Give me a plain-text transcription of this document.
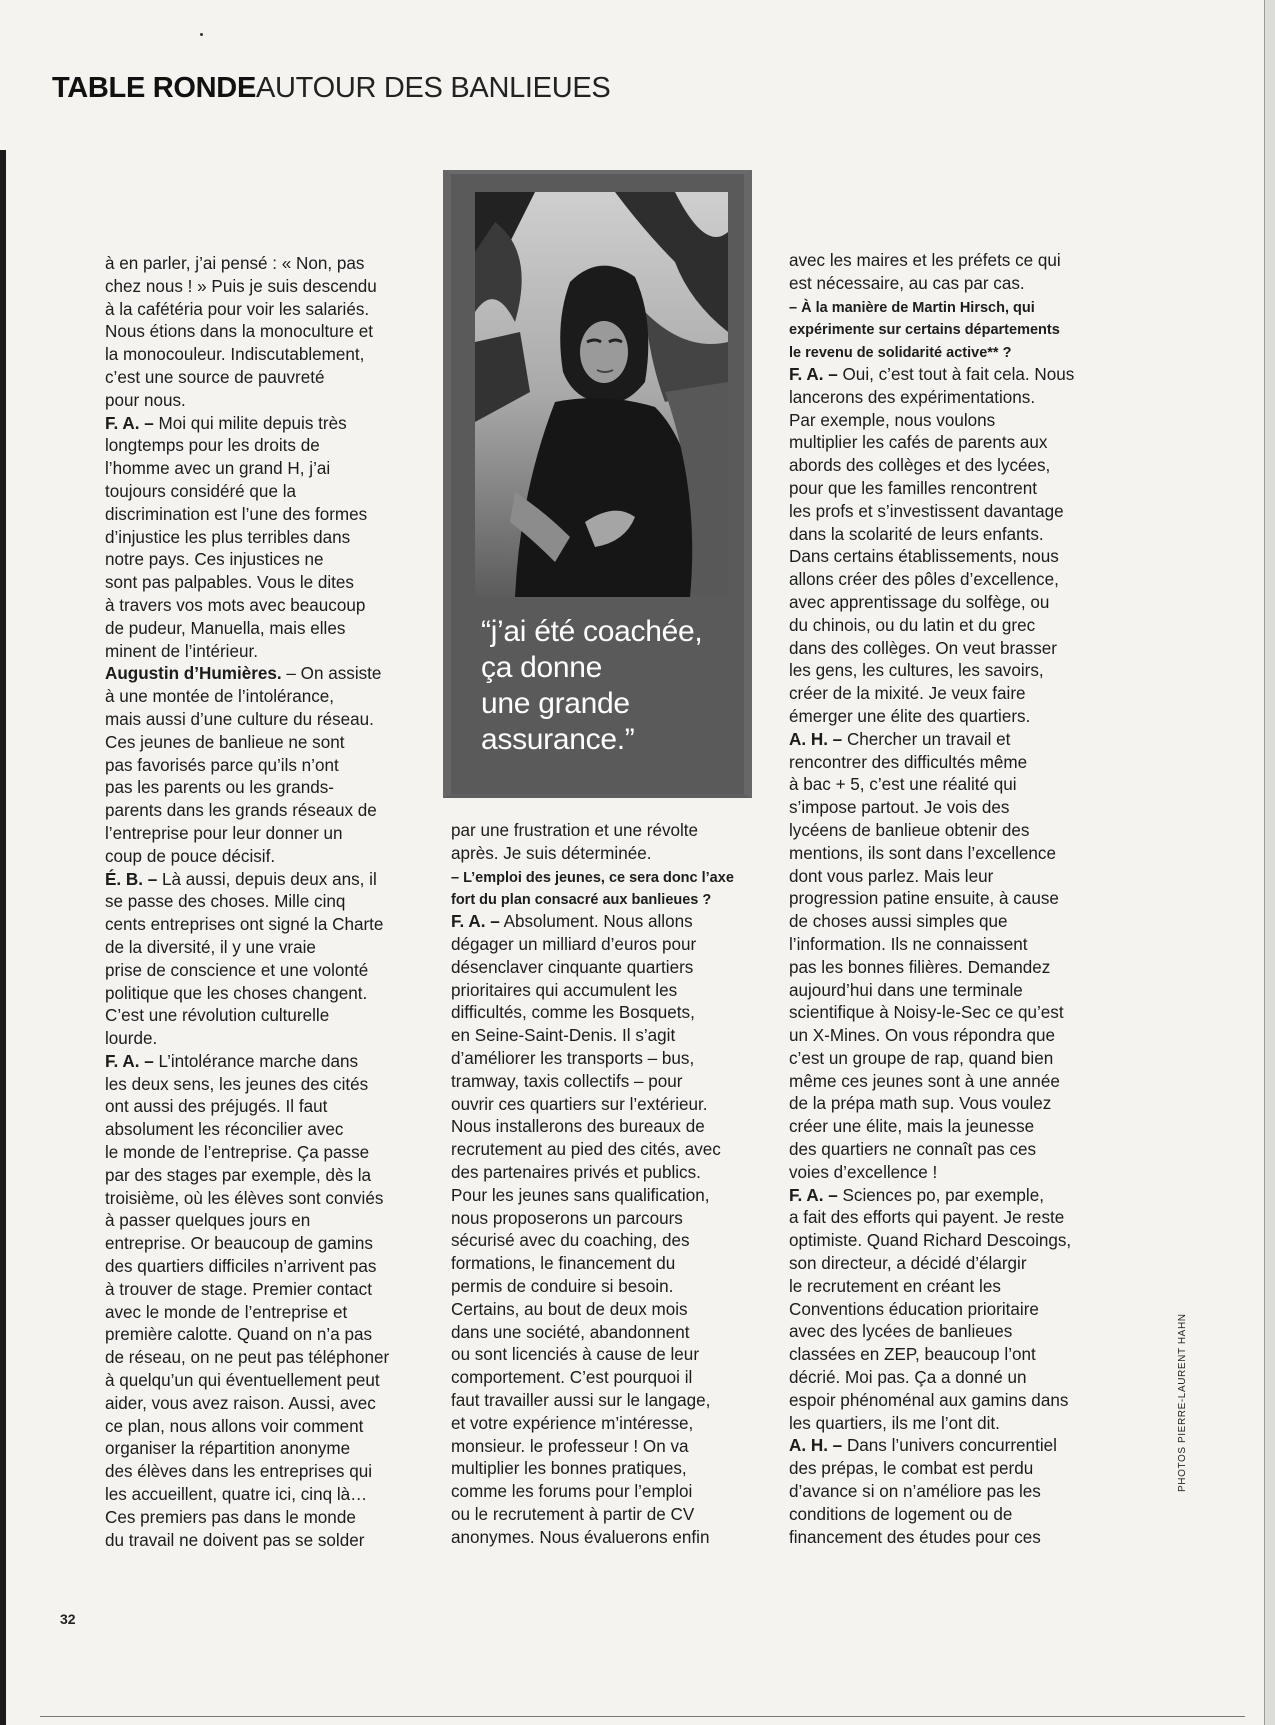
TABLE RONDEAUTOUR DES BANLIEUES
à en parler, j’ai pensé : « Non, pas
chez nous ! » Puis je suis descendu
à la cafétéria pour voir les salariés.
Nous étions dans la monoculture et
la monocouleur. Indiscutablement,
c’est une source de pauvreté
pour nous.
F. A. – Moi qui milite depuis très
longtemps pour les droits de
l’homme avec un grand H, j’ai
toujours considéré que la
discrimination est l’une des formes
d’injustice les plus terribles dans
notre pays. Ces injustices ne
sont pas palpables. Vous le dites
à travers vos mots avec beaucoup
de pudeur, Manuella, mais elles
minent de l’intérieur.
Augustin d’Humières. – On assiste
à une montée de l’intolérance,
mais aussi d’une culture du réseau.
Ces jeunes de banlieue ne sont
pas favorisés parce qu’ils n’ont
pas les parents ou les grands-
parents dans les grands réseaux de
l’entreprise pour leur donner un
coup de pouce décisif.
É. B. – Là aussi, depuis deux ans, il
se passe des choses. Mille cinq
cents entreprises ont signé la Charte
de la diversité, il y une vraie
prise de conscience et une volonté
politique que les choses changent.
C’est une révolution culturelle
lourde.
F. A. – L’intolérance marche dans
les deux sens, les jeunes des cités
ont aussi des préjugés. Il faut
absolument les réconcilier avec
le monde de l’entreprise. Ça passe
par des stages par exemple, dès la
troisième, où les élèves sont conviés
à passer quelques jours en
entreprise. Or beaucoup de gamins
des quartiers difficiles n’arrivent pas
à trouver de stage. Premier contact
avec le monde de l’entreprise et
première calotte. Quand on n’a pas
de réseau, on ne peut pas téléphoner
à quelqu’un qui éventuellement peut
aider, vous avez raison. Aussi, avec
ce plan, nous allons voir comment
organiser la répartition anonyme
des élèves dans les entreprises qui
les accueillent, quatre ici, cinq là…
Ces premiers pas dans le monde
du travail ne doivent pas se solder
“j’ai été coachée,
ça donne
une grande
assurance.”
par une frustration et une révolte
après. Je suis déterminée.
– L’emploi des jeunes, ce sera donc l’axe
fort du plan consacré aux banlieues ?
F. A. – Absolument. Nous allons
dégager un milliard d’euros pour
désenclaver cinquante quartiers
prioritaires qui accumulent les
difficultés, comme les Bosquets,
en Seine-Saint-Denis. Il s’agit
d’améliorer les transports – bus,
tramway, taxis collectifs – pour
ouvrir ces quartiers sur l’extérieur.
Nous installerons des bureaux de
recrutement au pied des cités, avec
des partenaires privés et publics.
Pour les jeunes sans qualification,
nous proposerons un parcours
sécurisé avec du coaching, des
formations, le financement du
permis de conduire si besoin.
Certains, au bout de deux mois
dans une société, abandonnent
ou sont licenciés à cause de leur
comportement. C’est pourquoi il
faut travailler aussi sur le langage,
et votre expérience m’intéresse,
monsieur. le professeur ! On va
multiplier les bonnes pratiques,
comme les forums pour l’emploi
ou le recrutement à partir de CV
anonymes. Nous évaluerons enfin
avec les maires et les préfets ce qui
est nécessaire, au cas par cas.
– À la manière de Martin Hirsch, qui
expérimente sur certains départements
le revenu de solidarité active** ?
F. A. – Oui, c’est tout à fait cela. Nous
lancerons des expérimentations.
Par exemple, nous voulons
multiplier les cafés de parents aux
abords des collèges et des lycées,
pour que les familles rencontrent
les profs et s’investissent davantage
dans la scolarité de leurs enfants.
Dans certains établissements, nous
allons créer des pôles d’excellence,
avec apprentissage du solfège, ou
du chinois, ou du latin et du grec
dans des collèges. On veut brasser
les gens, les cultures, les savoirs,
créer de la mixité. Je veux faire
émerger une élite des quartiers.
A. H. – Chercher un travail et
rencontrer des difficultés même
à bac + 5, c’est une réalité qui
s’impose partout. Je vois des
lycéens de banlieue obtenir des
mentions, ils sont dans l’excellence
dont vous parlez. Mais leur
progression patine ensuite, à cause
de choses aussi simples que
l’information. Ils ne connaissent
pas les bonnes filières. Demandez
aujourd’hui dans une terminale
scientifique à Noisy-le-Sec ce qu’est
un X-Mines. On vous répondra que
c’est un groupe de rap, quand bien
même ces jeunes sont à une année
de la prépa math sup. Vous voulez
créer une élite, mais la jeunesse
des quartiers ne connaît pas ces
voies d’excellence !
F. A. – Sciences po, par exemple,
a fait des efforts qui payent. Je reste
optimiste. Quand Richard Descoings,
son directeur, a décidé d’élargir
le recrutement en créant les
Conventions éducation prioritaire
avec des lycées de banlieues
classées en ZEP, beaucoup l’ont
décrié. Moi pas. Ça a donné un
espoir phénoménal aux gamins dans
les quartiers, ils me l’ont dit.
A. H. – Dans l’univers concurrentiel
des prépas, le combat est perdu
d’avance si on n’améliore pas les
conditions de logement ou de
financement des études pour ces
PHOTOS PIERRE-LAURENT HAHN
32
